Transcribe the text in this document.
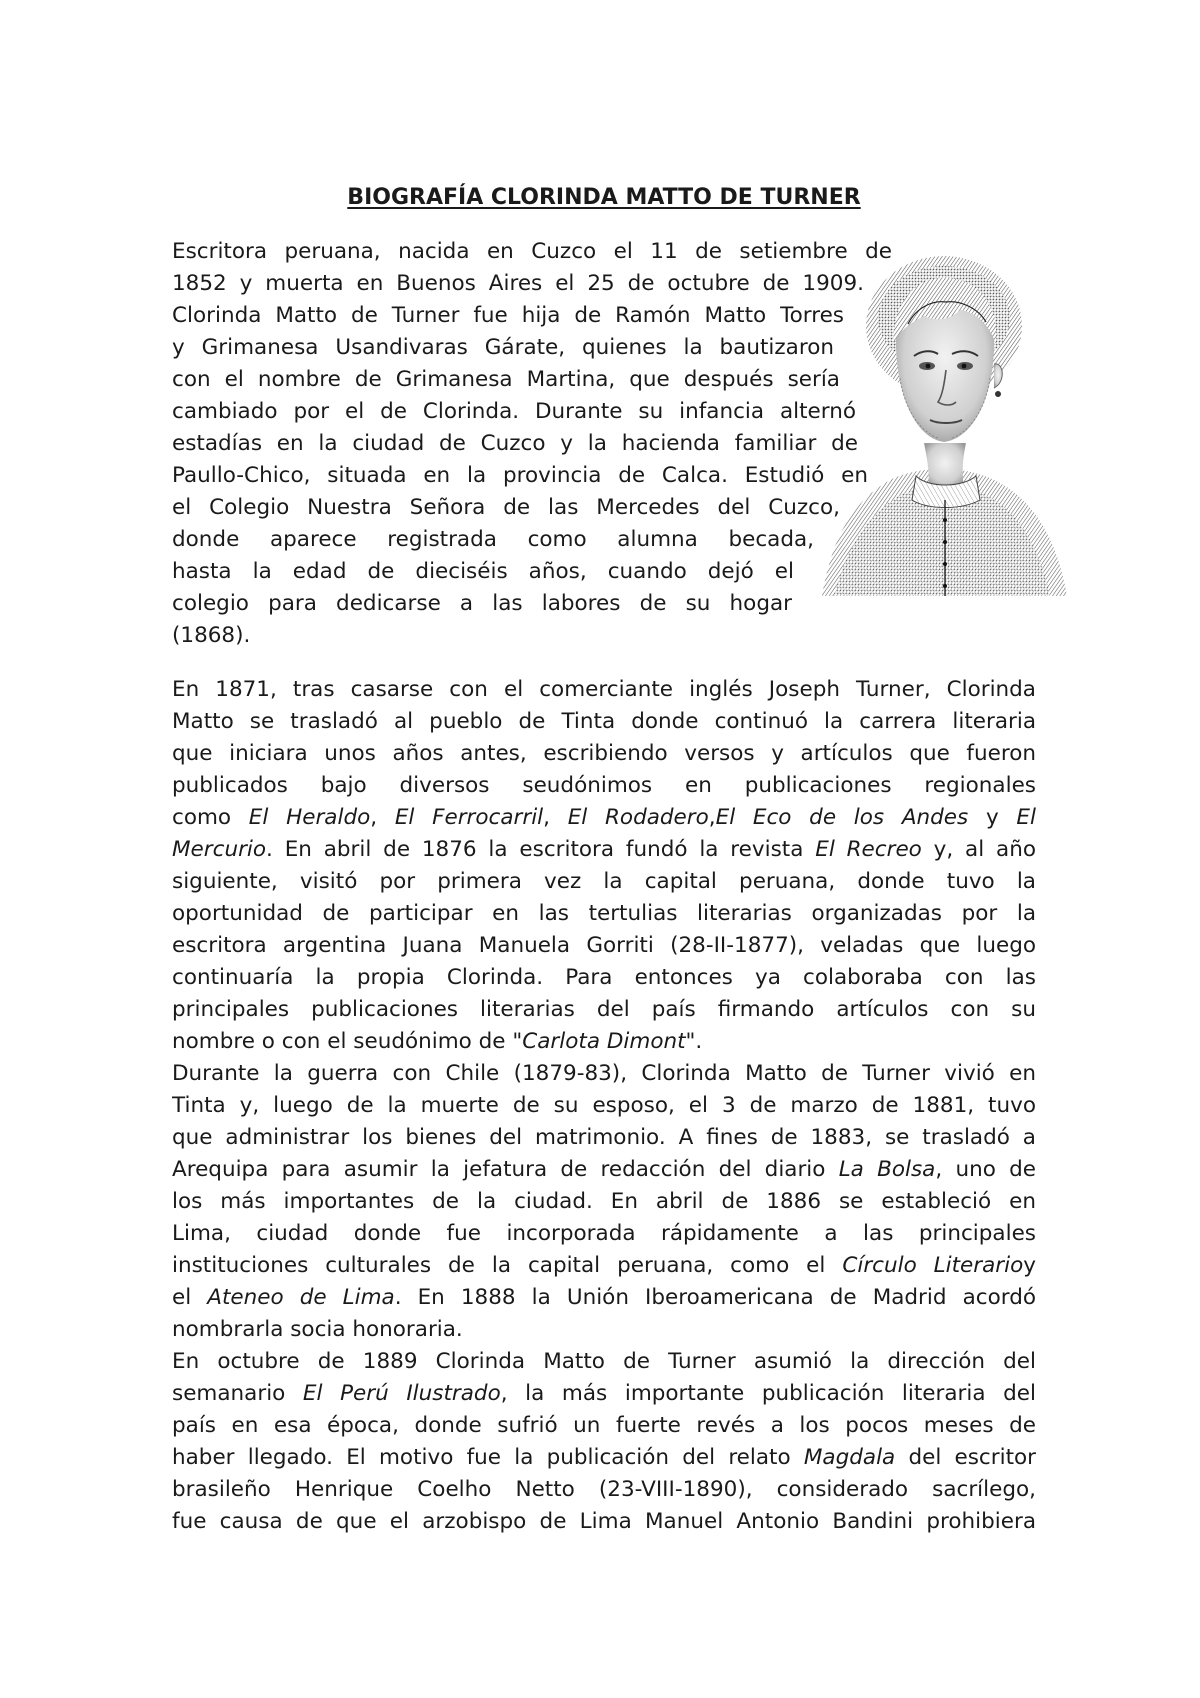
BIOGRAFÍA CLORINDA MATTO DE TURNER
Escritora peruana, nacida en Cuzco el 11 de setiembre de
1852 y muerta en Buenos Aires el 25 de octubre de 1909.
Clorinda Matto de Turner fue hija de Ramón Matto Torres
y Grimanesa Usandivaras Gárate, quienes la bautizaron
con el nombre de Grimanesa Martina, que después sería
cambiado por el de Clorinda. Durante su infancia alternó
estadías en la ciudad de Cuzco y la hacienda familiar de
Paullo-Chico, situada en la provincia de Calca. Estudió en
el Colegio Nuestra Señora de las Mercedes del Cuzco,
donde aparece registrada como alumna becada,
hasta la edad de dieciséis años, cuando dejó el
colegio para dedicarse a las labores de su hogar
(1868).
En 1871, tras casarse con el comerciante inglés Joseph Turner, Clorinda
Matto se trasladó al pueblo de Tinta donde continuó la carrera literaria
que iniciara unos años antes, escribiendo versos y artículos que fueron
publicados bajo diversos seudónimos en publicaciones regionales
como El Heraldo, El Ferrocarril, El Rodadero,El Eco de los Andes y El
Mercurio. En abril de 1876 la escritora fundó la revista El Recreo y, al año
siguiente, visitó por primera vez la capital peruana, donde tuvo la
oportunidad de participar en las tertulias literarias organizadas por la
escritora argentina Juana Manuela Gorriti (28-II-1877), veladas que luego
continuaría la propia Clorinda. Para entonces ya colaboraba con las
principales publicaciones literarias del país firmando artículos con su
nombre o con el seudónimo de "Carlota Dimont".
Durante la guerra con Chile (1879-83), Clorinda Matto de Turner vivió en
Tinta y, luego de la muerte de su esposo, el 3 de marzo de 1881, tuvo
que administrar los bienes del matrimonio. A fines de 1883, se trasladó a
Arequipa para asumir la jefatura de redacción del diario La Bolsa, uno de
los más importantes de la ciudad. En abril de 1886 se estableció en
Lima, ciudad donde fue incorporada rápidamente a las principales
instituciones culturales de la capital peruana, como el Círculo Literarioy
el Ateneo de Lima. En 1888 la Unión Iberoamericana de Madrid acordó
nombrarla socia honoraria.
En octubre de 1889 Clorinda Matto de Turner asumió la dirección del
semanario El Perú Ilustrado, la más importante publicación literaria del
país en esa época, donde sufrió un fuerte revés a los pocos meses de
haber llegado. El motivo fue la publicación del relato Magdala del escritor
brasileño Henrique Coelho Netto (23-VIII-1890), considerado sacrílego,
fue causa de que el arzobispo de Lima Manuel Antonio Bandini prohibiera
